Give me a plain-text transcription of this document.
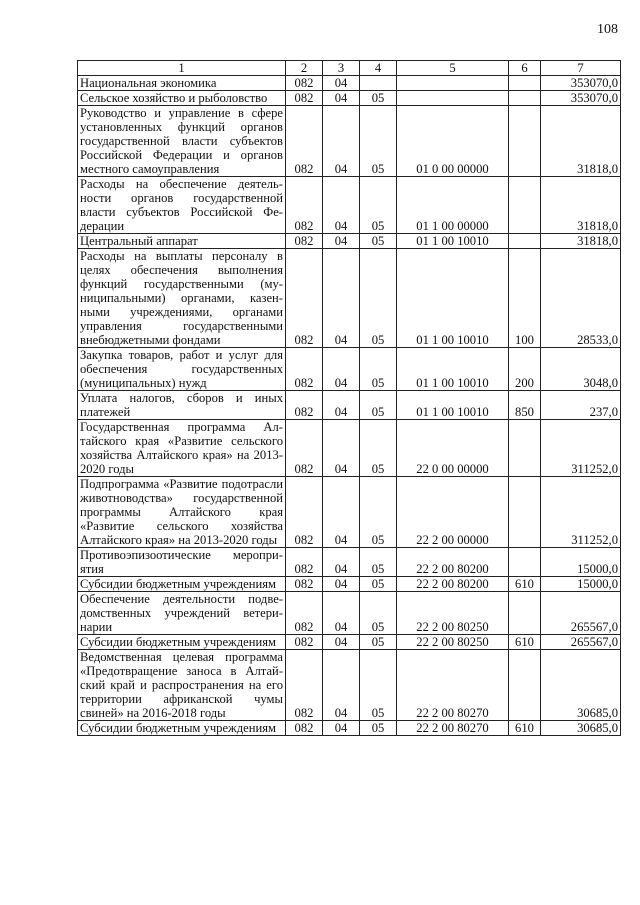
108
1	2	3	4	5	6	7
Национальная экономика	082	04				353070,0
Сельское хозяйство и рыболовство	082	04	05			353070,0
Руководство и управление в сфере установленных функций органов государственной власти субъектов Российской Федерации и органов местного самоуправления	082	04	05	01 0 00 00000		31818,0
Расходы на обеспечение деятельности органов государственной власти субъектов Российской Федерации	082	04	05	01 1 00 00000		31818,0
Центральный аппарат	082	04	05	01 1 00 10010		31818,0
Расходы на выплаты персоналу в целях обеспечения выполнения функций государственными (муниципальными) органами, казенными учреждениями, органами управления государственными внебюджетными фондами	082	04	05	01 1 00 10010	100	28533,0
Закупка товаров, работ и услуг для обеспечения государственных (муниципальных) нужд	082	04	05	01 1 00 10010	200	3048,0
Уплата налогов, сборов и иных платежей	082	04	05	01 1 00 10010	850	237,0
Государственная программа Алтайского края «Развитие сельского хозяйства Алтайского края» на 2013-2020 годы	082	04	05	22 0 00 00000		311252,0
Подпрограмма «Развитие подотрасли животноводства» государственной программы Алтайского края «Развитие сельского хозяйства Алтайского края» на 2013-2020 годы	082	04	05	22 2 00 00000		311252,0
Противоэпизоотические мероприятия	082	04	05	22 2 00 80200		15000,0
Субсидии бюджетным учреждениям	082	04	05	22 2 00 80200	610	15000,0
Обеспечение деятельности подведомственных учреждений ветеринарии	082	04	05	22 2 00 80250		265567,0
Субсидии бюджетным учреждениям	082	04	05	22 2 00 80250	610	265567,0
Ведомственная целевая программа «Предотвращение заноса в Алтайский край и распространения на его территории африканской чумы свиней» на 2016-2018 годы	082	04	05	22 2 00 80270		30685,0
Субсидии бюджетным учреждениям	082	04	05	22 2 00 80270	610	30685,0
